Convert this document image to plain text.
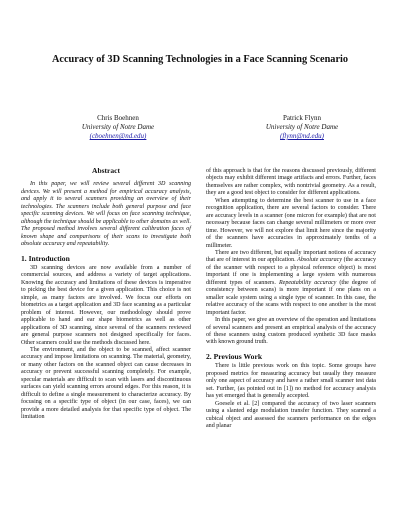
Accuracy of 3D Scanning Technologies in a Face Scanning Scenario
Chris Boehnen
University of Notre Dame
(cboehnen@nd.edu)
Patrick Flynn
University of Notre Dame
(flynn@nd.edu)
Abstract

In this paper, we will review several different 3D scanning devices. We will present a method for empirical accuracy analysis, and apply it to several scanners providing an overview of their technologies. The scanners include both general purpose and face specific scanning devices. We will focus on face scanning technique, although the technique should be applicable to other domains as well. The proposed method involves several different calibration faces of known shape and comparisons of their scans to investigate both absolute accuracy and repeatability.

1. Introduction

3D scanning devices are now available from a number of commercial sources, and address a variety of target applications. Knowing the accuracy and limitations of these devices is imperative to picking the best device for a given application. This choice is not simple, as many factors are involved. We focus our efforts on biometrics as a target application and 3D face scanning as a particular problem of interest. However, our methodology should prove applicable to hand and ear shape biometrics as well as other applications of 3D scanning, since several of the scanners reviewed are general purpose scanners not designed specifically for faces. Other scanners could use the methods discussed here.

The environment, and the object to be scanned, affect scanner accuracy and impose limitations on scanning. The material, geometry, or many other factors on the scanned object can cause decreases in accuracy or prevent successful scanning completely. For example, specular materials are difficult to scan with lasers and discontinuous surfaces can yield scanning errors around edges. For this reason, it is difficult to define a single measurement to characterize accuracy. By focusing on a specific type of object (in our case, faces), we can provide a more detailed analysis for that specific type of object. The limitation

of this approach is that for the reasons discussed previously, different objects may exhibit different image artifacts and errors. Further, faces themselves are rather complex, with nontrivial geometry. As a result, they are a good test object to consider for different applications.

When attempting to determine the best scanner to use in a face recognition application, there are several factors to consider. There are accuracy levels in a scanner (one micron for example) that are not necessary because faces can change several millimeters or more over time. However, we will not explore that limit here since the majority of the scanners have accuracies in approximately tenths of a millimeter.

There are two different, but equally important notions of accuracy that are of interest in our application. Absolute accuracy (the accuracy of the scanner with respect to a physical reference object) is most important if one is implementing a large system with numerous different types of scanners. Repeatability accuracy (the degree of consistency between scans) is more important if one plans on a smaller scale system using a single type of scanner. In this case, the relative accuracy of the scans with respect to one another is the most important factor.

In this paper, we give an overview of the operation and limitations of several scanners and present an empirical analysis of the accuracy of these scanners using custom produced synthetic 3D face masks with known ground truth.

2. Previous Work

There is little previous work on this topic. Some groups have proposed metrics for measuring accuracy but usually they measure only one aspect of accuracy and have a rather small scanner test data set. Further, (as pointed out in [1]) no method for accuracy analysis has yet emerged that is generally accepted.

Goesele et al. [2] compared the accuracy of two laser scanners using a slanted edge modulation transfer function. They scanned a cubical object and assessed the scanners performance on the edges and planar
